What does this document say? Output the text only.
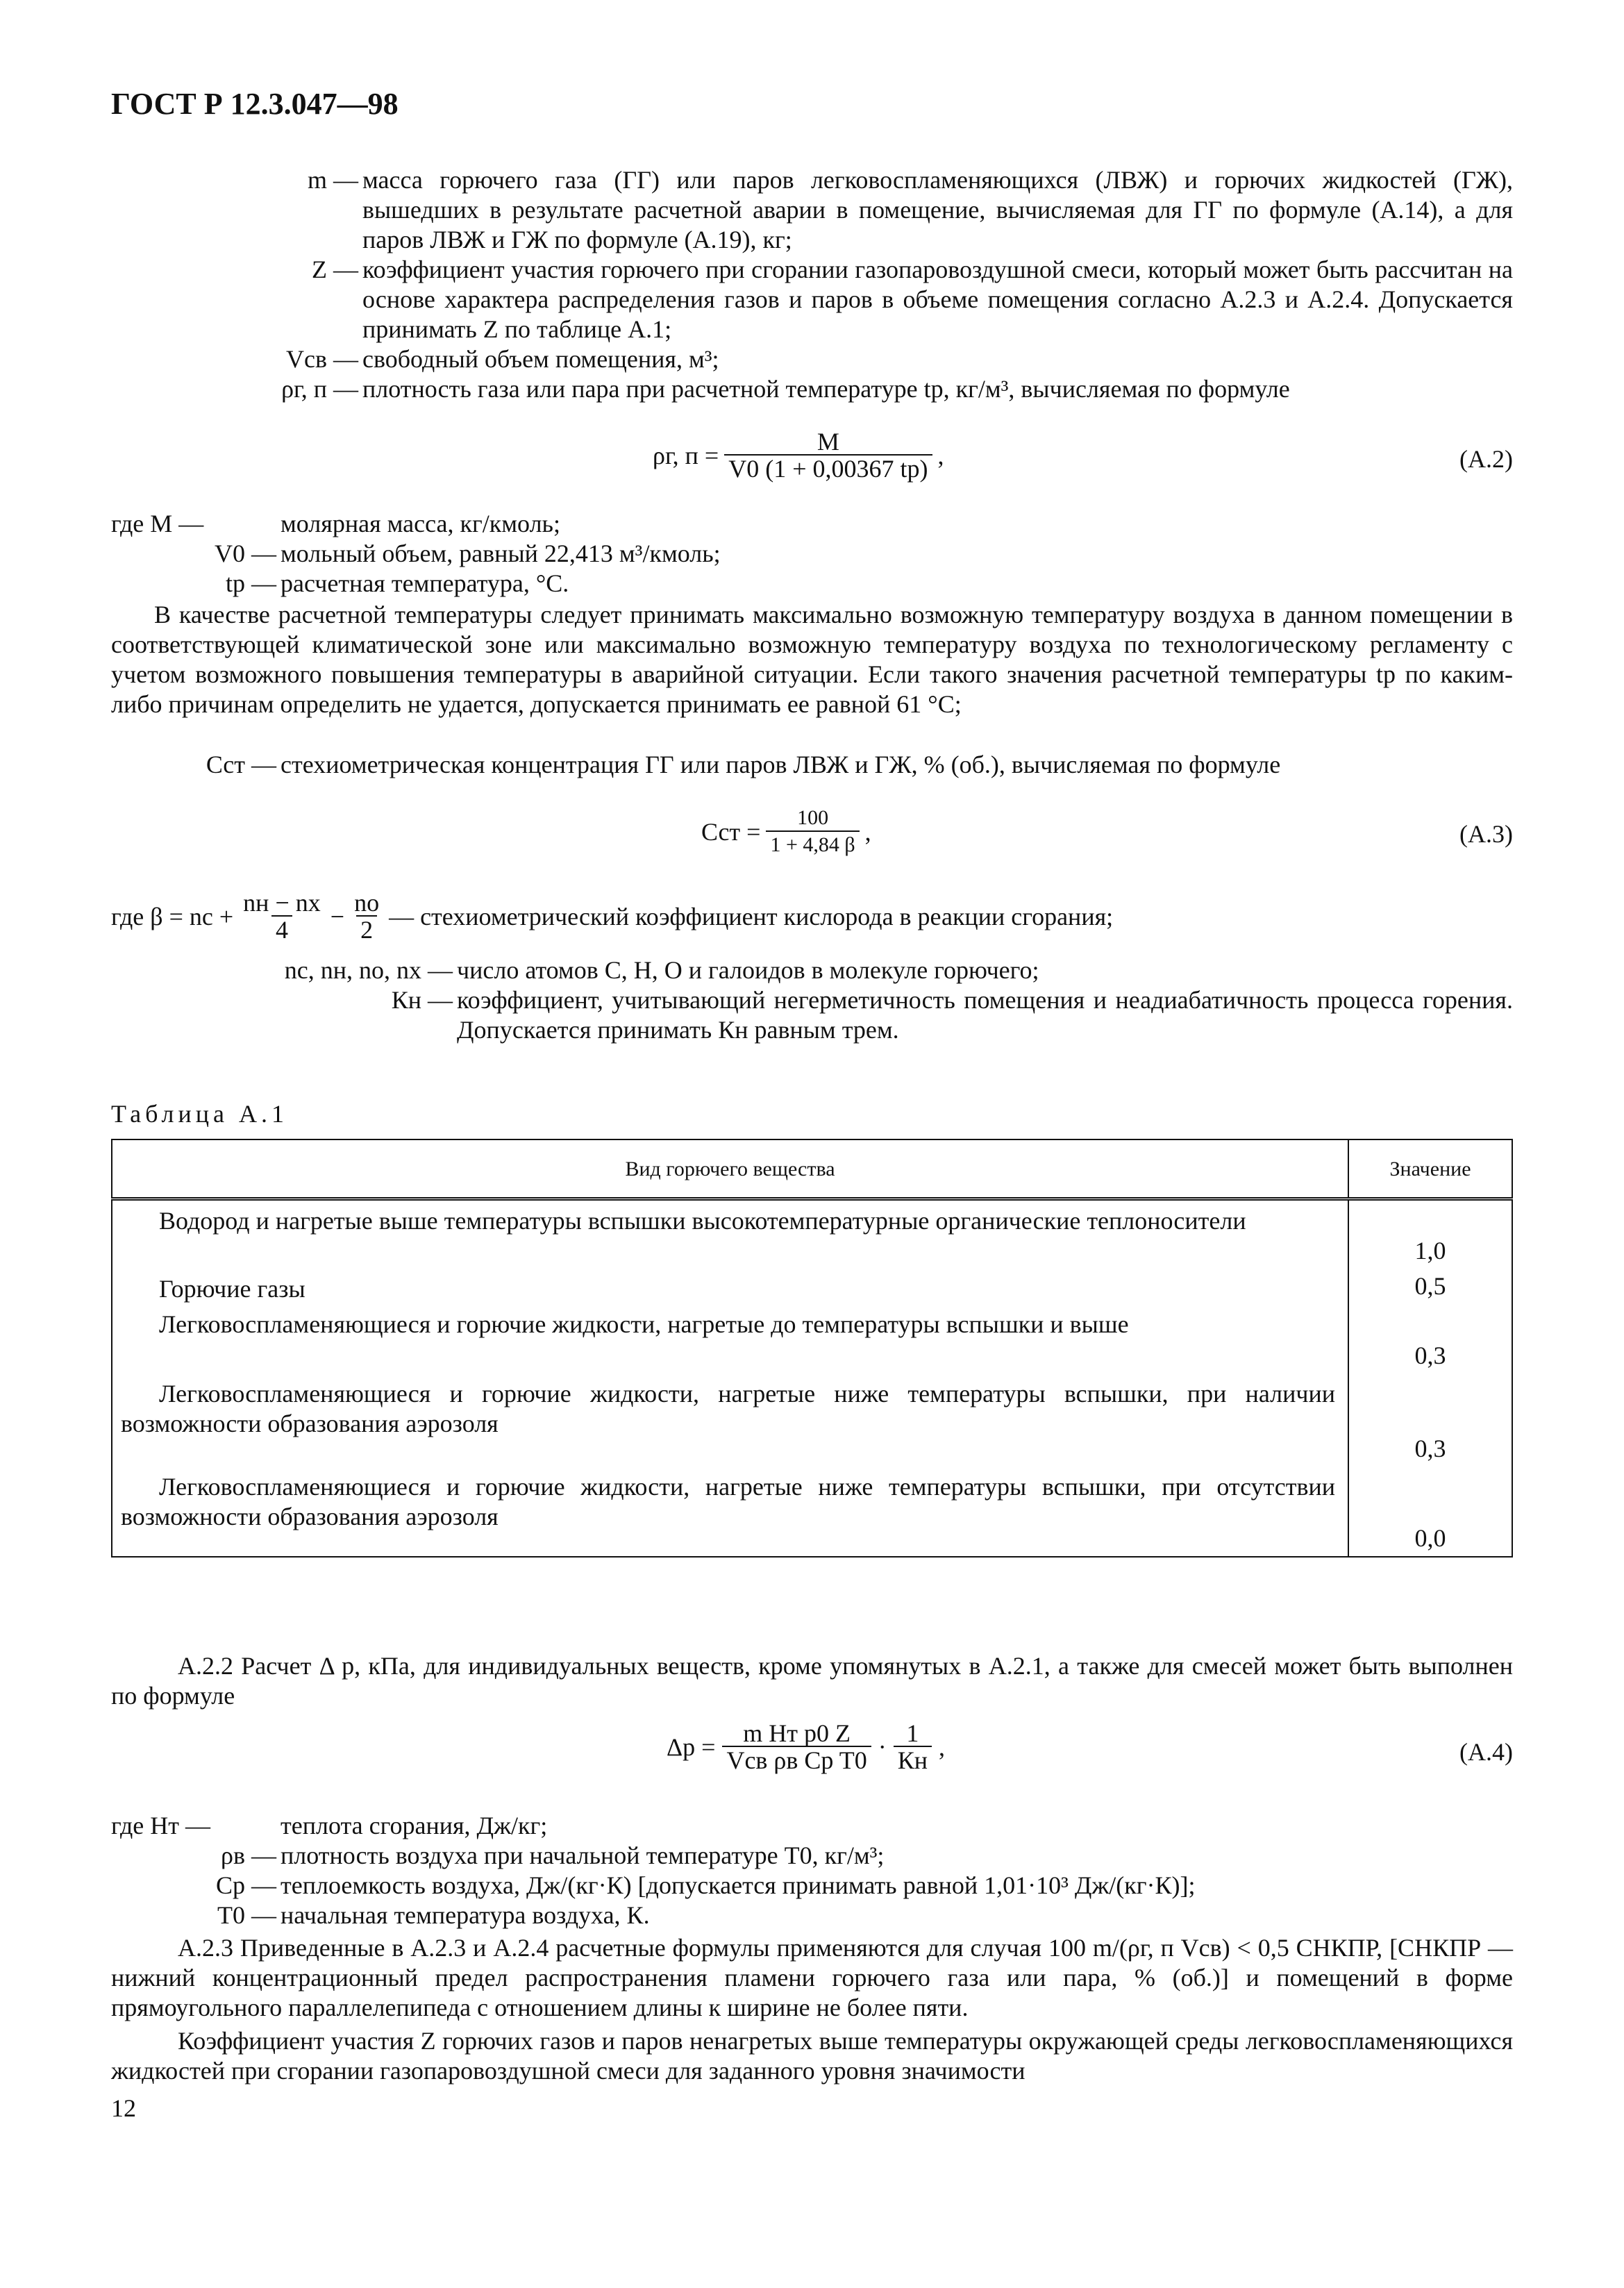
ГОСТ Р 12.3.047—98
m — масса горючего газа (ГГ) или паров легковоспламеняющихся (ЛВЖ) и горючих жидкостей (ГЖ), вышедших в результате расчетной аварии в помещение, вычисляемая для ГГ по формуле (А.14), а для паров ЛВЖ и ГЖ по формуле (А.19), кг;
Z — коэффициент участия горючего при сгорании газопаровоздушной смеси, который может быть рассчитан на основе характера распределения газов и паров в объеме помещения согласно А.2.3 и А.2.4. Допускается принимать Z по таблице А.1;
Vсв — свободный объем помещения, м³;
ρг, п — плотность газа или пара при расчетной температуре tр, кг/м³, вычисляемая по формуле
ρг, $п = \frac{M}{V0 (1 + 0,00367 tр)}$ ,	(А.2)
где M —	молярная масса, кг/кмоль;
V0 — мольный объем, равный 22,413 м³/кмоль;
tр — расчетная температура, °С.
В качестве расчетной температуры следует принимать максимально возможную температуру воздуха в данном помещении в соответствующей климатической зоне или максимально возможную температуру воздуха по технологическому регламенту с учетом возможного повышения температуры в аварийной ситуации. Если такого значения расчетной температуры tр по каким-либо причинам определить не удается, допускается принимать ее равной 61 °С;
Сст — стехиометрическая концентрация ГГ или паров ЛВЖ и ГЖ, % (об.), вычисляемая по формуле
Сст = $\frac{100}{1 + 4,84 \beta}$ ,	(А.3)
где β = nс + $\frac{nн - nх}{4} - \frac{nо}{2}$ — стехиометрический коэффициент кислорода в реакции сгорания;
nс, nн, nо, nх — число атомов С, Н, О и галоидов в молекуле горючего;
Кн — коэффициент, учитывающий негерметичность помещения и неадиабатичность процесса горения. Допускается принимать Кн равным трем.
Таблица А.1
Вид горючего вещества	Значение
Водород и нагретые выше температуры вспышки высокотемпературные органические теплоносители	1,0
Горючие газы	0,5
Легковоспламеняющиеся и горючие жидкости, нагретые до температуры вспышки и выше	0,3
Легковоспламеняющиеся и горючие жидкости, нагретые ниже температуры вспышки, при наличии возможности образования аэрозоля	0,3
Легковоспламеняющиеся и горючие жидкости, нагретые ниже температуры вспышки, при отсутствии возможности образования аэрозоля	0,0
А.2.2 Расчет Δ p, кПа, для индивидуальных веществ, кроме упомянутых в А.2.1, а также для смесей может быть выполнен по формуле
$\Delta p = \frac{\text{m Hт p0 Z}}{\text{Vсв ρв Cp T0}} \cdot \frac{1}{Кн}$ ,	(А.4)
где Hт —	теплота сгорания, Дж/кг;
ρв — плотность воздуха при начальной температуре T0, кг/м³;
Cp — теплоемкость воздуха, Дж/(кг·К) [допускается принимать равной 1,01·10³ Дж/(кг·К)];
T0 — начальная температура воздуха, К.
А.2.3 Приведенные в А.2.3 и А.2.4 расчетные формулы применяются для случая 100 m/(ρг, п Vсв) < 0,5 СНКПР, [СНКПР — нижний концентрационный предел распространения пламени горючего газа или пара, % (об.)] и помещений в форме прямоугольного параллелепипеда с отношением длины к ширине не более пяти.
Коэффициент участия Z горючих газов и паров ненагретых выше температуры окружающей среды легковоспламеняющихся жидкостей при сгорании газопаровоздушной смеси для заданного уровня значимости
12
